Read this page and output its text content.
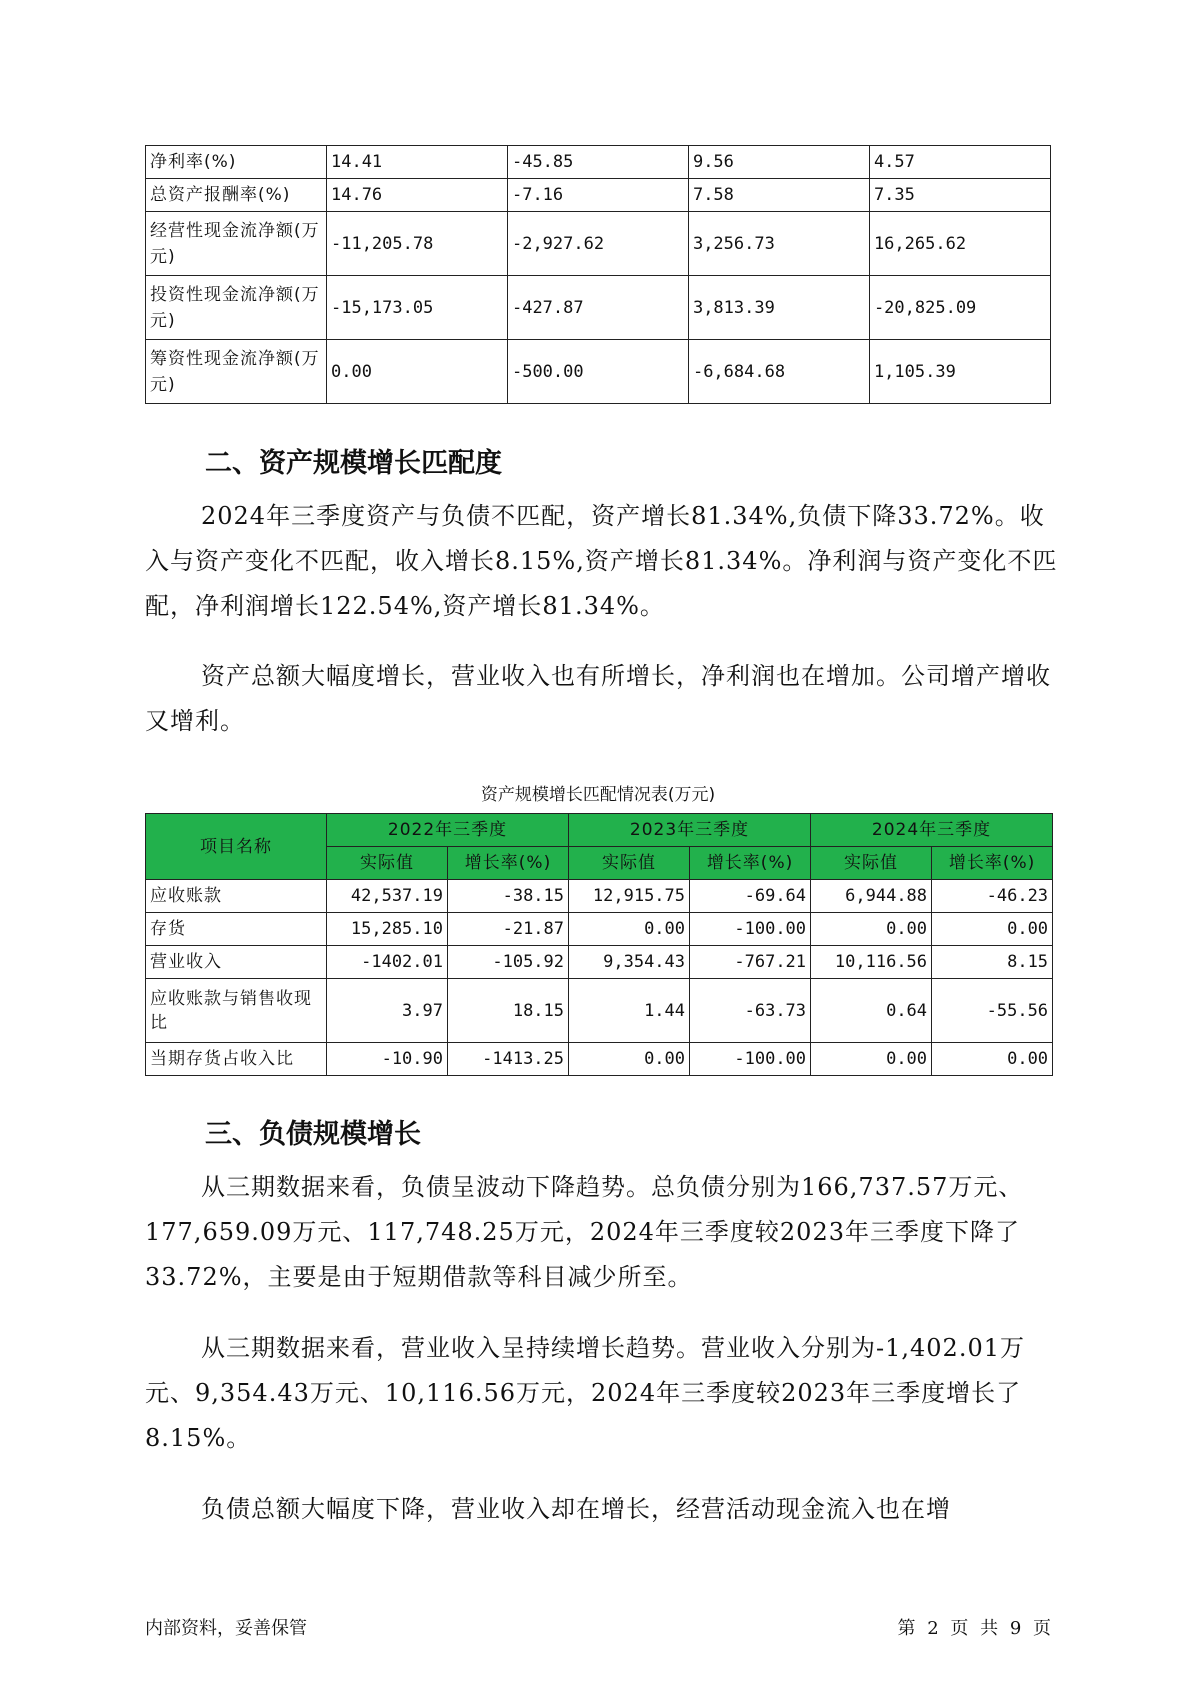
净利率(%)	14.41	-45.85	9.56	4.57
总资产报酬率(%)	14.76	-7.16	7.58	7.35
经营性现金流净额(万元)	-11,205.78	-2,927.62	3,256.73	16,265.62
投资性现金流净额(万元)	-15,173.05	-427.87	3,813.39	-20,825.09
筹资性现金流净额(万元)	0.00	-500.00	-6,684.68	1,105.39
二、资产规模增长匹配度

2024年三季度资产与负债不匹配，资产增长81.34%,负债下降33.72%。收入与资产变化不匹配，收入增长8.15%,资产增长81.34%。净利润与资产变化不匹配，净利润增长122.54%,资产增长81.34%。

资产总额大幅度增长，营业收入也有所增长，净利润也在增加。公司增产增收又增利。

资产规模增长匹配情况表(万元)
项目名称	2022年三季度		2023年三季度		2024年三季度	
	实际值	增长率(%)	实际值	增长率(%)	实际值	增长率(%)
应收账款	42,537.19	-38.15	12,915.75	-69.64	6,944.88	-46.23
存货	15,285.10	-21.87	0.00	-100.00	0.00	0.00
营业收入	-1402.01	-105.92	9,354.43	-767.21	10,116.56	8.15
应收账款与销售收现比	3.97	18.15	1.44	-63.73	0.64	-55.56
当期存货占收入比	-10.90	-1413.25	0.00	-100.00	0.00	0.00
三、负债规模增长

从三期数据来看，负债呈波动下降趋势。总负债分别为166,737.57万元、177,659.09万元、117,748.25万元，2024年三季度较2023年三季度下降了33.72%，主要是由于短期借款等科目减少所至。

从三期数据来看，营业收入呈持续增长趋势。营业收入分别为-1,402.01万元、9,354.43万元、10,116.56万元，2024年三季度较2023年三季度增长了8.15%。

负债总额大幅度下降，营业收入却在增长，经营活动现金流入也在增

内部资料，妥善保管	第 2 页 共 9 页
